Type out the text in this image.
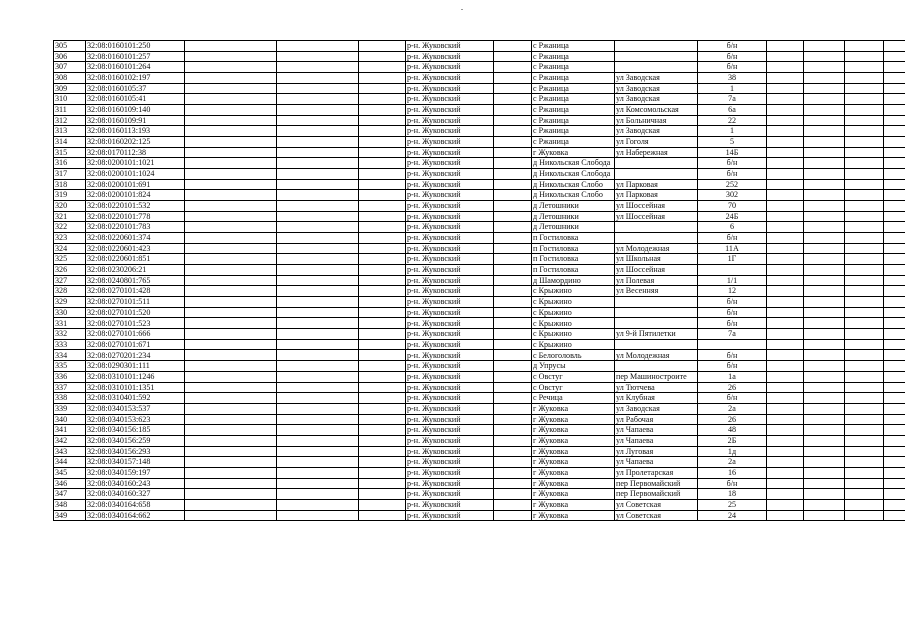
305	32:08:0160101:250				р-н. Жуковский		с Ржаница		б/н				
306	32:08:0160101:257				р-н. Жуковский		с Ржаница		б/н				
307	32:08:0160101:264				р-н. Жуковский		с Ржаница		б/н				
308	32:08:0160102:197				р-н. Жуковский		с Ржаница	ул Заводская	38				
309	32:08:0160105:37				р-н. Жуковский		с Ржаница	ул Заводская	1				
310	32:08:0160105:41				р-н. Жуковский		с Ржаница	ул Заводская	7а				
311	32:08:0160109:140				р-н. Жуковский		с Ржаница	ул Комсомольская	6а				
312	32:08:0160109:91				р-н. Жуковский		с Ржаница	ул Больничная	22				
313	32:08:0160113:193				р-н. Жуковский		с Ржаница	ул Заводская	1				
314	32:08:0160202:125				р-н. Жуковский		с Ржаница	ул Гоголя	5				
315	32:08:0170112:38				р-н. Жуковский		г Жуковка	ул Набережная	14Б				
316	32:08:0200101:1021				р-н. Жуковский		д Никольская Слобода		б/н				
317	32:08:0200101:1024				р-н. Жуковский		д Никольская Слобода		б/н				
318	32:08:0200101:691				р-н. Жуковский		д Никольская Слобо	ул Парковая	252				
319	32:08:0200101:824				р-н. Жуковский		д Никольская Слобо	ул Парковая	302				
320	32:08:0220101:532				р-н. Жуковский		д Летошники	ул Шоссейная	70				
321	32:08:0220101:778				р-н. Жуковский		д Летошники	ул Шоссейная	24Б				
322	32:08:0220101:783				р-н. Жуковский		д Летошники		6				
323	32:08:0220601:374				р-н. Жуковский		п Гостиловка		б/н				
324	32:08:0220601:423				р-н. Жуковский		п Гостиловка	ул Молодежная	11А				
325	32:08:0220601:851				р-н. Жуковский		п Гостиловка	ул Школьная	1Г				
326	32:08:0230206:21				р-н. Жуковский		п Гостиловка	ул Шоссейная					
327	32:08:0240801:765				р-н. Жуковский		д Шамордино	ул Полевая	1/1				
328	32:08:0270101:428				р-н. Жуковский		с Крыжино	ул Весенняя	12				
329	32:08:0270101:511				р-н. Жуковский		с Крыжино		б/н				
330	32:08:0270101:520				р-н. Жуковский		с Крыжино		б/н				
331	32:08:0270101:523				р-н. Жуковский		с Крыжино		б/н				
332	32:08:0270101:666				р-н. Жуковский		с Крыжино	ул 9-й Пятилетки	7а				
333	32:08:0270101:671				р-н. Жуковский		с Крыжино						
334	32:08:0270201:234				р-н. Жуковский		с Белоголовль	ул Молодежная	б/н				
335	32:08:0290301:111				р-н. Жуковский		д Упрусы		б/н				
336	32:08:0310101:1246				р-н. Жуковский		с Овстуг	пер Машиностроите	1а				
337	32:08:0310101:1351				р-н. Жуковский		с Овстуг	ул Тютчева	26				
338	32:08:0310401:592				р-н. Жуковский		с Речица	ул Клубная	б/н				
339	32:08:0340153:537				р-н. Жуковский		г Жуковка	ул Заводская	2а				
340	32:08:0340153:623				р-н. Жуковский		г Жуковка	ул Рабочая	26				
341	32:08:0340156:185				р-н. Жуковский		г Жуковка	ул Чапаева	48				
342	32:08:0340156:259				р-н. Жуковский		г Жуковка	ул Чапаева	2Б				
343	32:08:0340156:293				р-н. Жуковский		г Жуковка	ул Луговая	1д				
344	32:08:0340157:148				р-н. Жуковский		г Жуковка	ул Чапаева	2а				
345	32:08:0340159:197				р-н. Жуковский		г Жуковка	ул Пролетарская	16				
346	32:08:0340160:243				р-н. Жуковский		г Жуковка	пер Первомайский	б/н				
347	32:08:0340160:327				р-н. Жуковский		г Жуковка	пер Первомайский	18				
348	32:08:0340164:658				р-н. Жуковский		г Жуковка	ул Советская	25				
349	32:08:0340164:662				р-н. Жуковский		г Жуковка	ул Советская	24				
